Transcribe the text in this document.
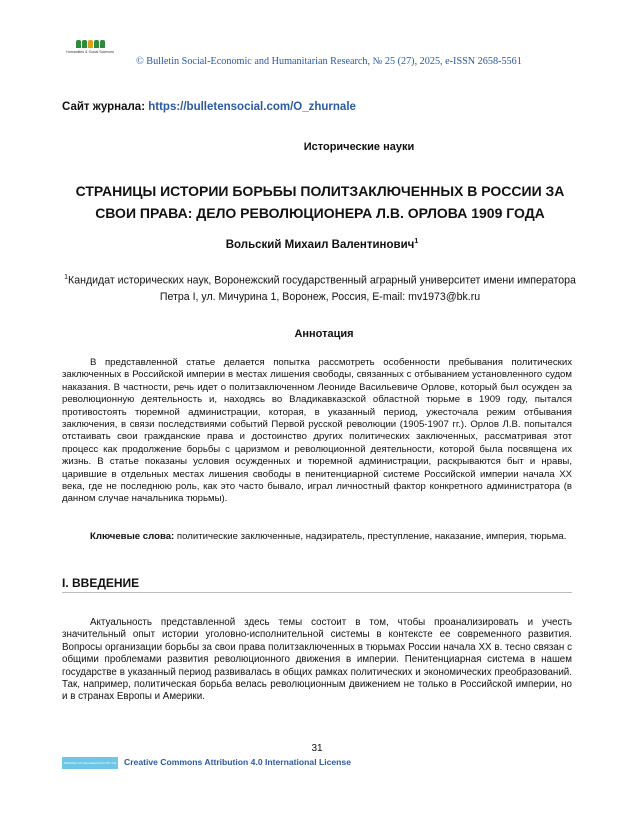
Humanities & Social Sciences
© Bulletin Social-Economic and Humanitarian Research, № 25 (27), 2025, e-ISSN 2658-5561
Сайт журнала: https://bulletensocial.com/O_zhurnale
Исторические науки
СТРАНИЦЫ ИСТОРИИ БОРЬБЫ ПОЛИТЗАКЛЮЧЕННЫХ В РОССИИ ЗА СВОИ ПРАВА: ДЕЛО РЕВОЛЮЦИОНЕРА Л.В. ОРЛОВА 1909 ГОДА
Вольский Михаил Валентинович$^1$
$^1$Кандидат исторических наук, Воронежский государственный аграрный университет имени императора Петра I, ул. Мичурина 1, Воронеж, Россия, E-mail: mv1973@bk.ru
Аннотация
В представленной статье делается попытка рассмотреть особенности пребывания политических заключенных в Российской империи в местах лишения свободы, связанных с отбыванием установленного судом наказания. В частности, речь идет о политзаключенном Леониде Васильевиче Орлове, который был осужден за революционную деятельность и, находясь во Владикавказской областной тюрьме в 1909 году, пытался противостоять тюремной администрации, которая, в указанный период, ужесточала режим отбывания заключения, в связи последствиями событий Первой русской революции (1905-1907 гг.). Орлов Л.В. попытался отстаивать свои гражданские права и достоинство других политических заключенных, рассматривая этот процесс как продолжение борьбы с царизмом и революционной деятельности, которой была посвящена их жизнь. В статье показаны условия осужденных и тюремной администрации, раскрываются быт и нравы, царившие в отдельных местах лишения свободы в пенитенциарной системе Российской империи начала XX века, где не последнюю роль, как это часто бывало, играл личностный фактор конкретного администратора (в данном случае начальника тюрьмы).
Ключевые слова: политические заключенные, надзиратель, преступление, наказание, империя, тюрьма.
I. ВВЕДЕНИЕ
Актуальность представленной здесь темы состоит в том, чтобы проанализировать и учесть значительный опыт истории уголовно-исполнительной системы в контексте ее современного развития. Вопросы организации борьбы за свои права политзаключенных в тюрьмах России начала XX в. тесно связан с общими проблемами развития революционного движения в империи. Пенитенциарная система в нашем государстве в указанный период развивалась в общих рамках политических и экономических преобразований. Так, например, политическая борьба велась революционным движением не только в Российской империи, но и в странах Европы и Америки.
31
Attribution 4.0 International (CC BY 4.0) Creative Commons Attribution 4.0 International License
